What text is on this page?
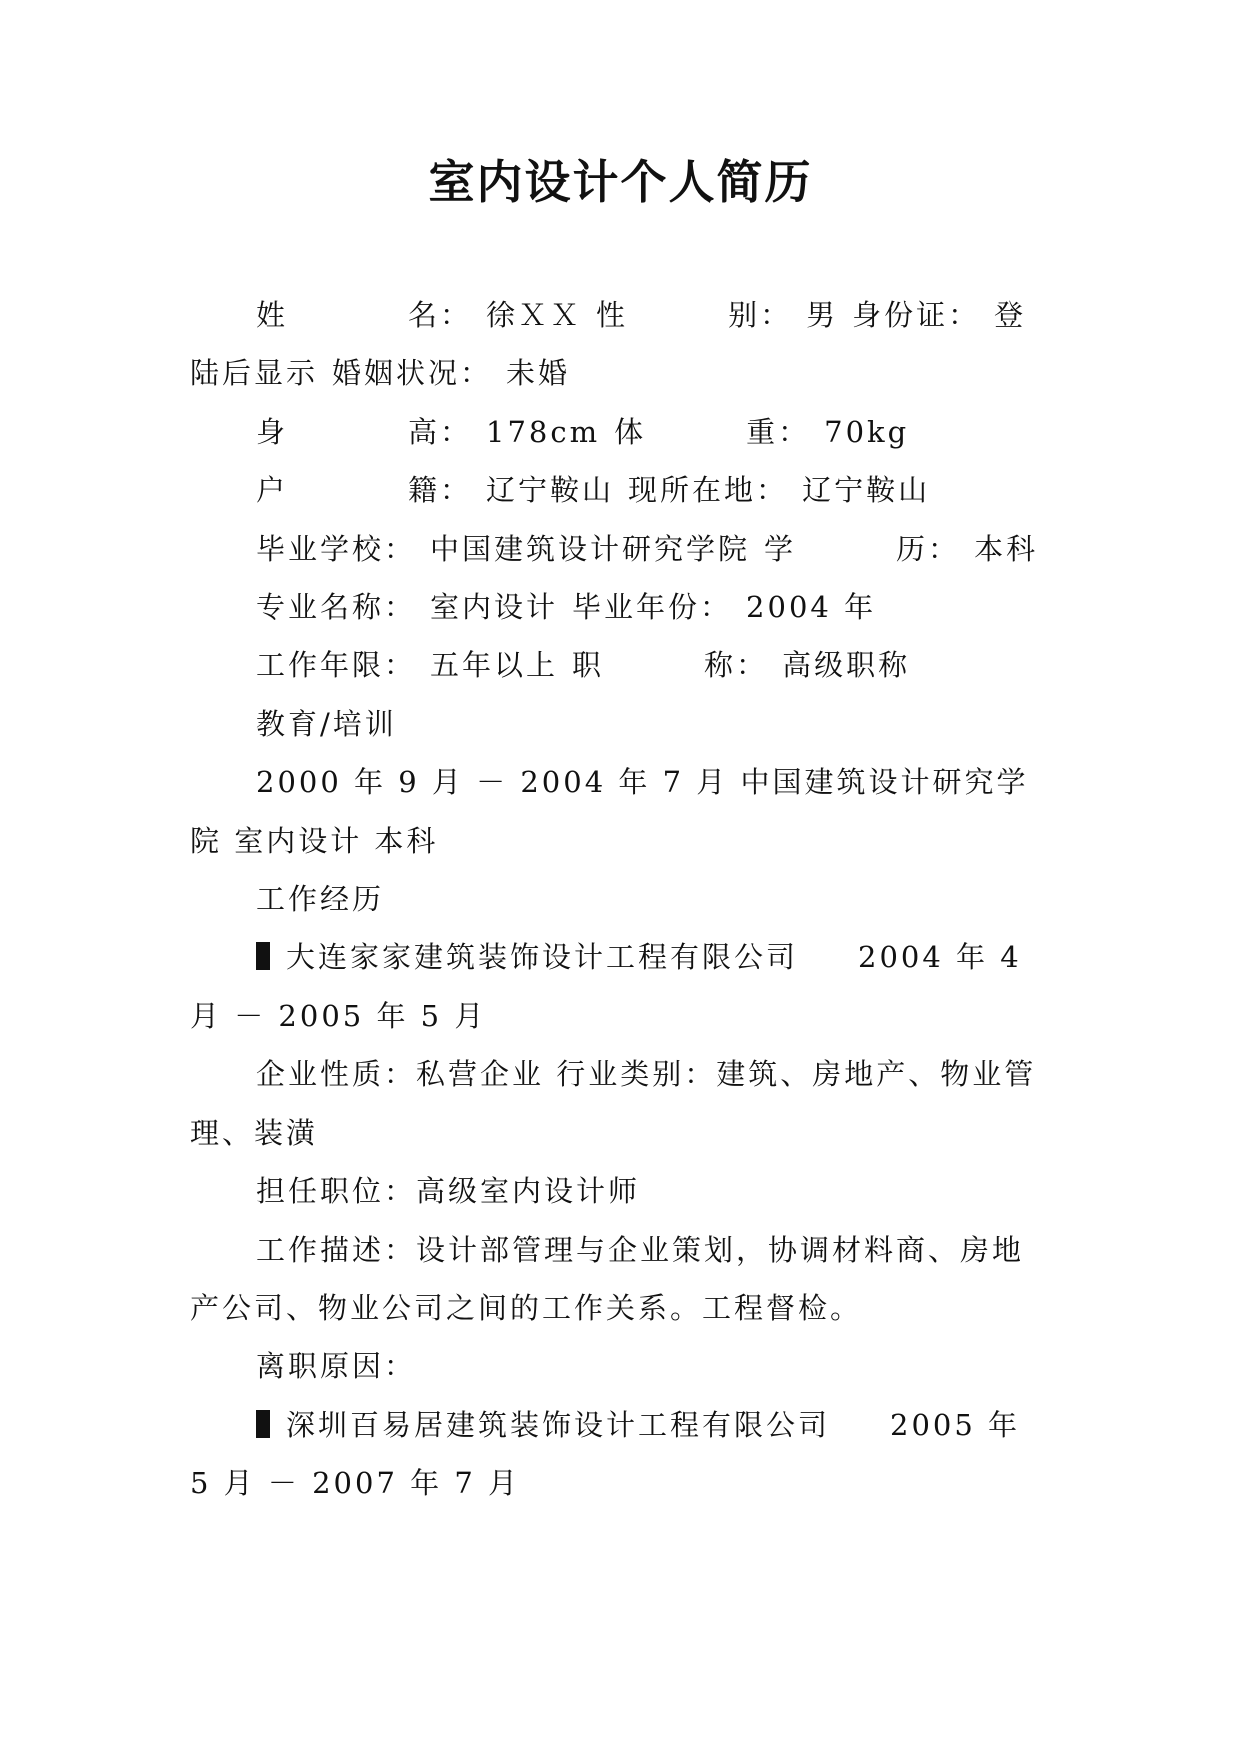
室内设计个人简历

姓	名： 徐ＸＸ 性	别： 男 身份证： 登陆后显示 婚姻状况： 未婚

身	高： 178cm 体	重： 70kg

户	籍： 辽宁鞍山 现所在地： 辽宁鞍山

毕业学校： 中国建筑设计研究学院 学	历： 本科

专业名称： 室内设计 毕业年份： 2004 年

工作年限： 五年以上 职	称： 高级职称

教育/培训

2000 年 9 月 － 2004 年 7 月 中国建筑设计研究学院 室内设计 本科

工作经历

大连家家建筑装饰设计工程有限公司 2004 年 4 月 － 2005 年 5 月

企业性质：私营企业 行业类别：建筑、房地产、物业管理、装潢

担任职位：高级室内设计师

工作描述：设计部管理与企业策划，协调材料商、房地产公司、物业公司之间的工作关系。工程督检。

离职原因：

深圳百易居建筑装饰设计工程有限公司 2005 年 5 月 － 2007 年 7 月
